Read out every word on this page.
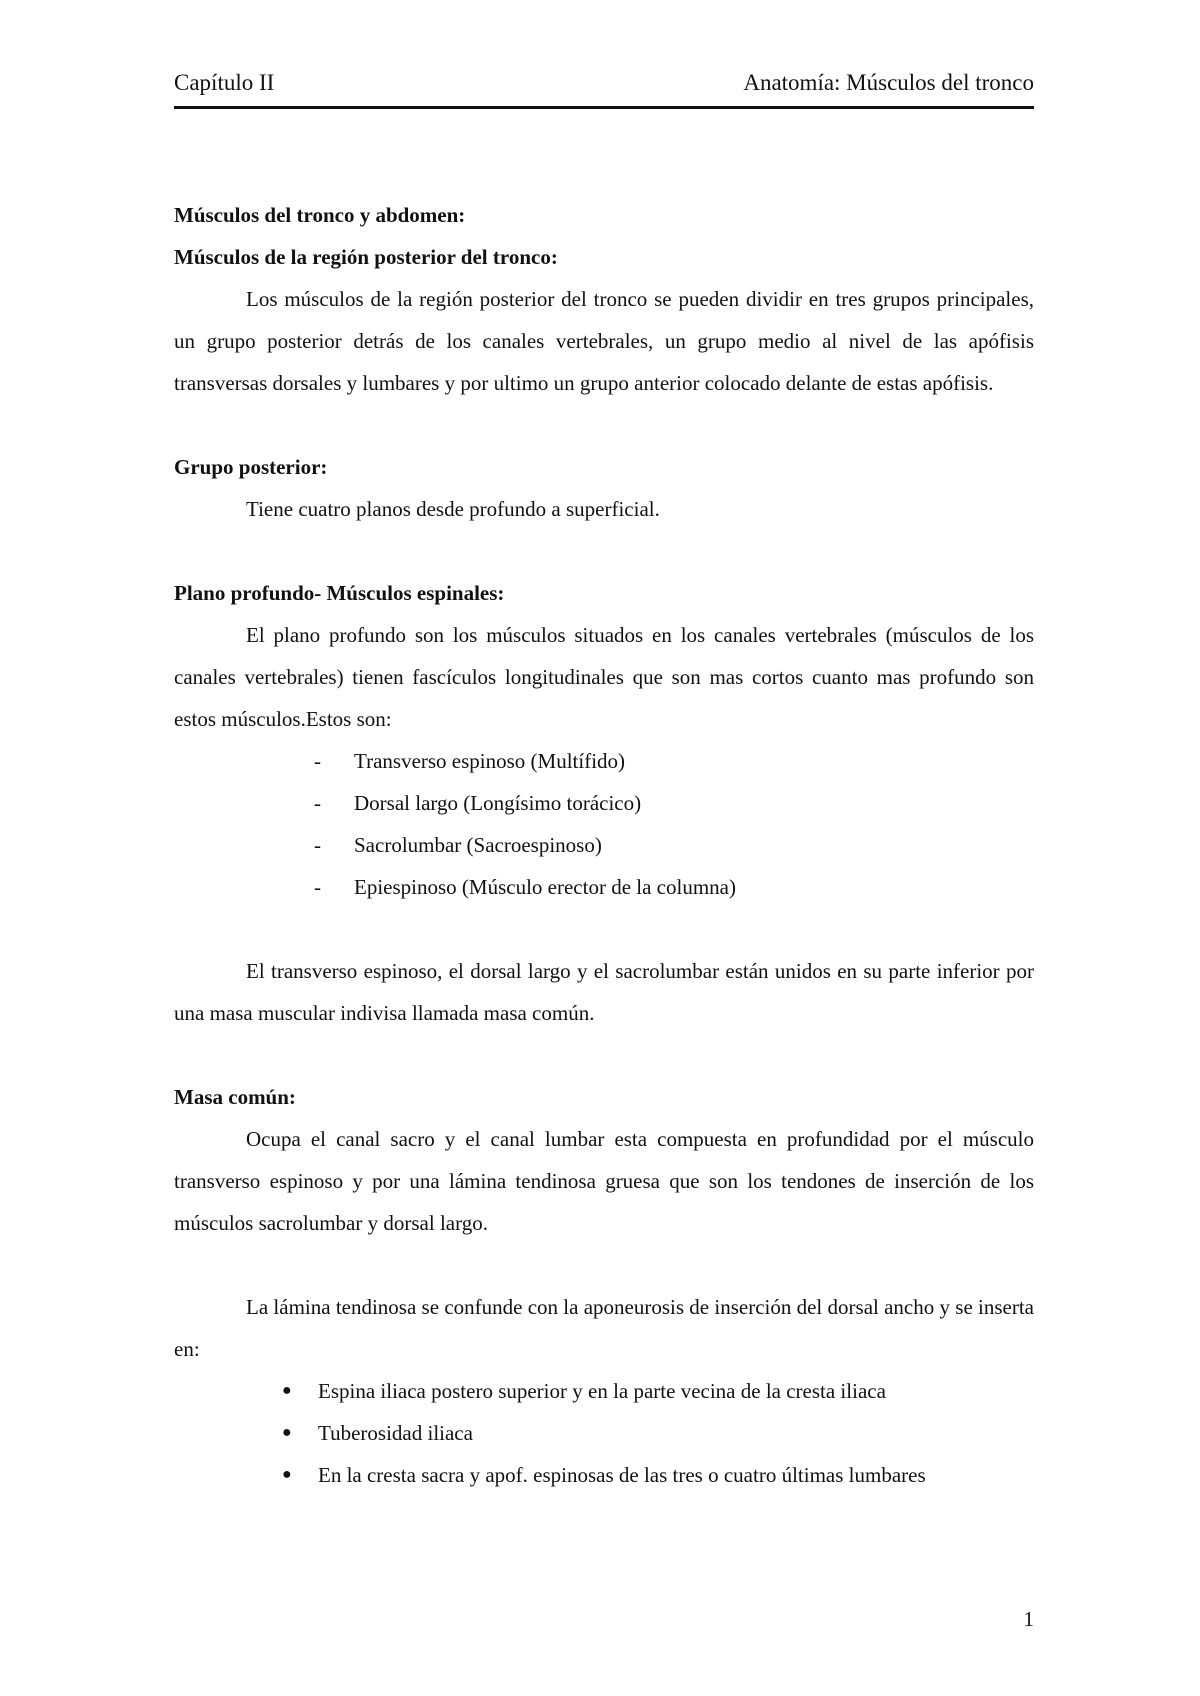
Capítulo II	Anatomía: Músculos del tronco

Músculos del tronco y abdomen:

Músculos de la región posterior del tronco:

Los músculos de la región posterior del tronco se pueden dividir en tres grupos principales, un grupo posterior detrás de los canales vertebrales, un grupo medio al nivel de las apófisis transversas dorsales y lumbares y por ultimo un grupo anterior colocado delante de estas apófisis.

Grupo posterior:

Tiene cuatro planos desde profundo a superficial.

Plano profundo- Músculos espinales:

El plano profundo son los músculos situados en los canales vertebrales (músculos de los canales vertebrales) tienen fascículos longitudinales que son mas cortos cuanto mas profundo son estos músculos.Estos son:

- Transverso espinoso (Multífido)
- Dorsal largo (Longísimo torácico)
- Sacrolumbar (Sacroespinoso)
- Epiespinoso (Músculo erector de la columna)

El transverso espinoso, el dorsal largo y el sacrolumbar están unidos en su parte inferior por una masa muscular indivisa llamada masa común.

Masa común:

Ocupa el canal sacro y el canal lumbar esta compuesta en profundidad por el músculo transverso espinoso y por una lámina tendinosa gruesa que son los tendones de inserción de los músculos sacrolumbar y dorsal largo.

La lámina tendinosa se confunde con la aponeurosis de inserción del dorsal ancho y se inserta en:

● Espina iliaca postero superior y en la parte vecina de la cresta iliaca
● Tuberosidad iliaca
● En la cresta sacra y apof. espinosas de las tres o cuatro últimas lumbares
1
